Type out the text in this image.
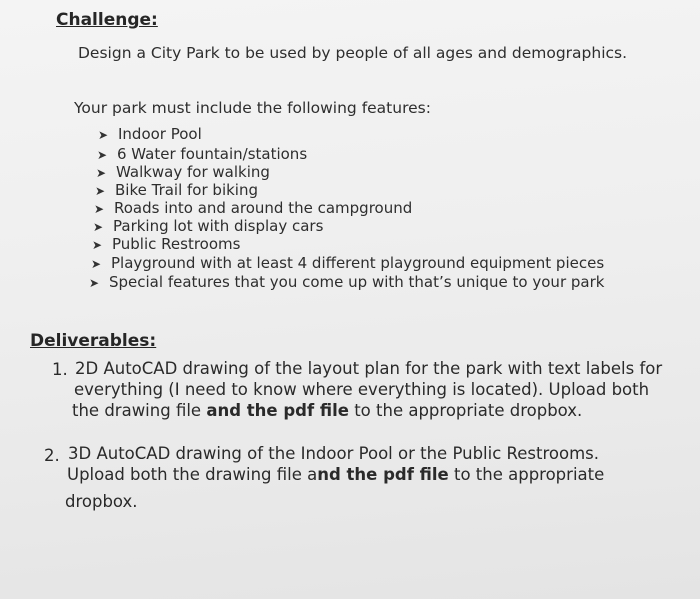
Challenge:
Design a City Park to be used by people of all ages and demographics.
Your park must include the following features:
➤ Indoor Pool
➤ 6 Water fountain/stations
➤ Walkway for walking
➤ Bike Trail for biking
➤ Roads into and around the campground
➤ Parking lot with display cars
➤ Public Restrooms
➤ Playground with at least 4 different playground equipment pieces
➤ Special features that you come up with that’s unique to your park
Deliverables:
1. 2D AutoCAD drawing of the layout plan for the park with text labels for
everything (I need to know where everything is located). Upload both
the drawing file and the pdf file to the appropriate dropbox.
2. 3D AutoCAD drawing of the Indoor Pool or the Public Restrooms.
Upload both the drawing file and the pdf file to the appropriate
dropbox.
